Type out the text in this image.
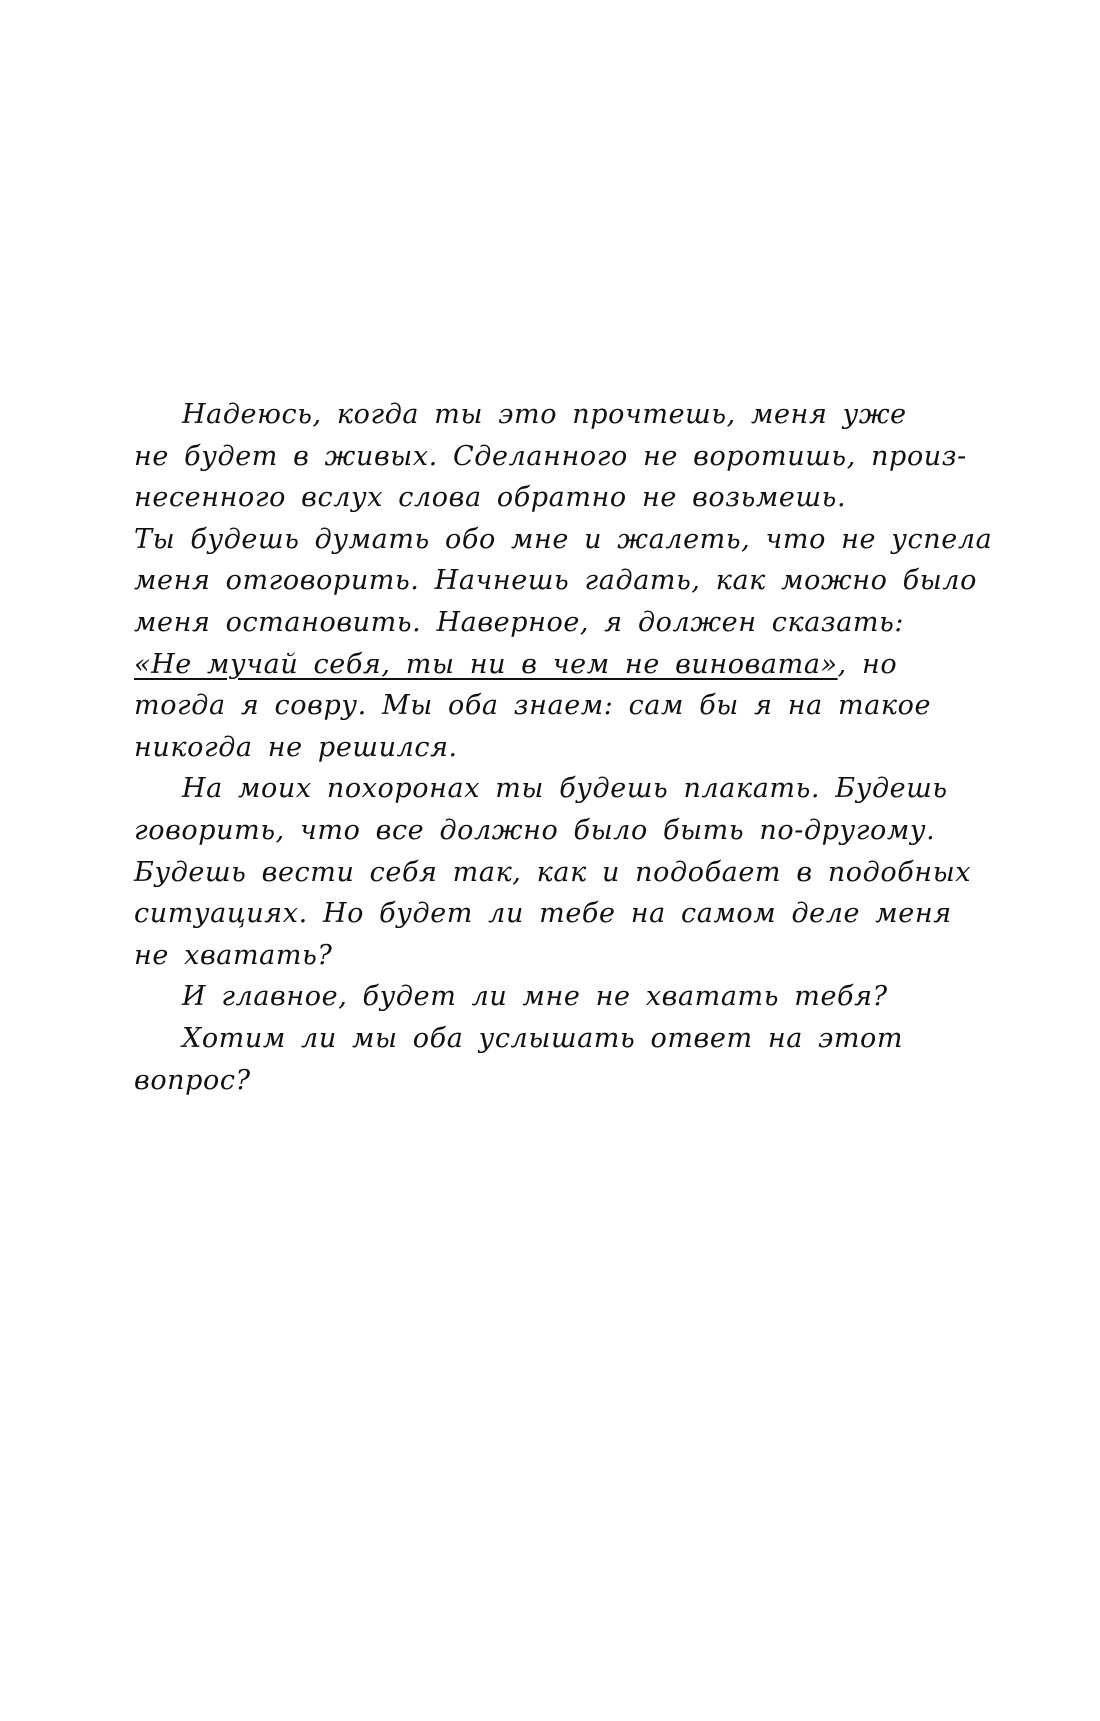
Надеюсь, когда ты это прочтешь, меня уже
не будет в живых. Сделанного не воротишь, произ-
несенного вслух слова обратно не возьмешь.
Ты будешь думать обо мне и жалеть, что не успела
меня отговорить. Начнешь гадать, как можно было
меня остановить. Наверное, я должен сказать:
«Не мучай себя, ты ни в чем не виновата», но
тогда я совру. Мы оба знаем: сам бы я на такое
никогда не решился.
На моих похоронах ты будешь плакать. Будешь
говорить, что все должно было быть по-другому.
Будешь вести себя так, как и подобает в подобных
ситуациях. Но будет ли тебе на самом деле меня
не хватать?
И главное, будет ли мне не хватать тебя?
Хотим ли мы оба услышать ответ на этот
вопрос?
